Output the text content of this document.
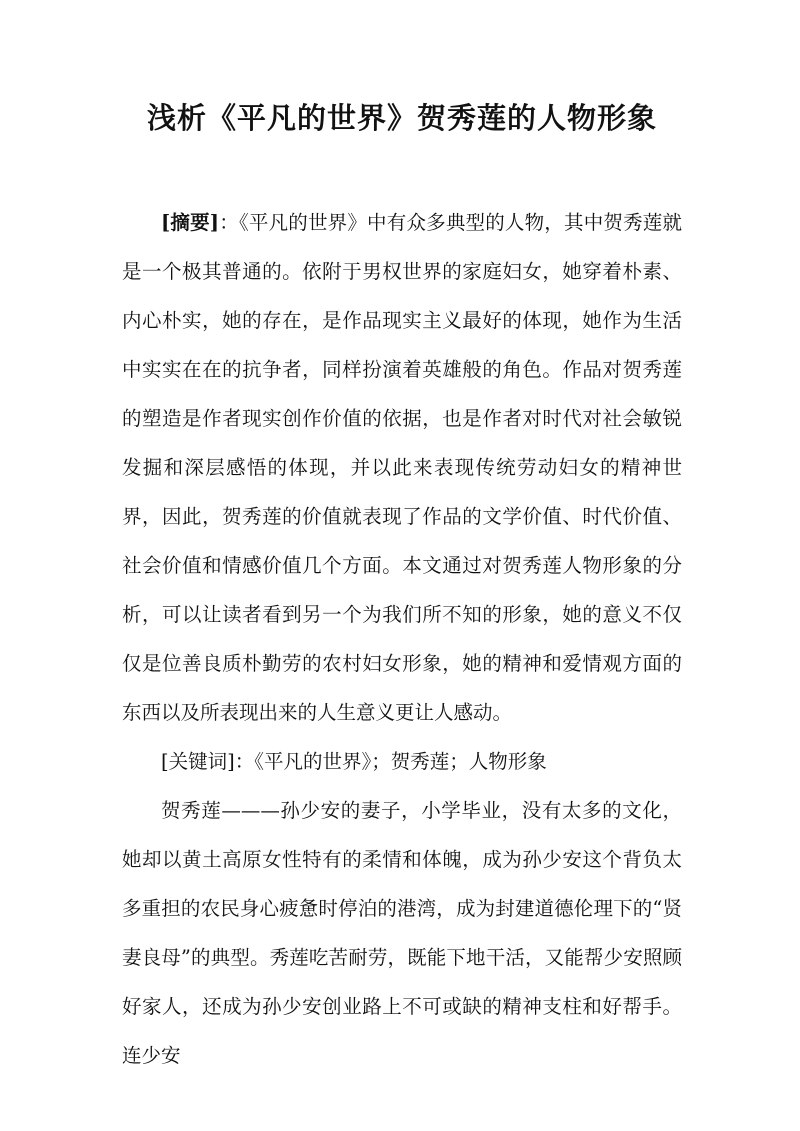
浅析《平凡的世界》贺秀莲的人物形象

[摘要]：《平凡的世界》中有众多典型的人物，其中贺秀莲就是一个极其普通的。依附于男权世界的家庭妇女，她穿着朴素、内心朴实，她的存在，是作品现实主义最好的体现，她作为生活中实实在在的抗争者，同样扮演着英雄般的角色。作品对贺秀莲的塑造是作者现实创作价值的依据，也是作者对时代对社会敏锐发掘和深层感悟的体现，并以此来表现传统劳动妇女的精神世界，因此，贺秀莲的价值就表现了作品的文学价值、时代价值、社会价值和情感价值几个方面。本文通过对贺秀莲人物形象的分析，可以让读者看到另一个为我们所不知的形象，她的意义不仅仅是位善良质朴勤劳的农村妇女形象，她的精神和爱情观方面的东西以及所表现出来的人生意义更让人感动。

[关键词]：《平凡的世界》；贺秀莲；人物形象

贺秀莲———孙少安的妻子，小学毕业，没有太多的文化，她却以黄土高原女性特有的柔情和体魄，成为孙少安这个背负太多重担的农民身心疲惫时停泊的港湾，成为封建道德伦理下的“贤妻良母”的典型。秀莲吃苦耐劳，既能下地干活，又能帮少安照顾好家人，还成为孙少安创业路上不可或缺的精神支柱和好帮手。连少安
